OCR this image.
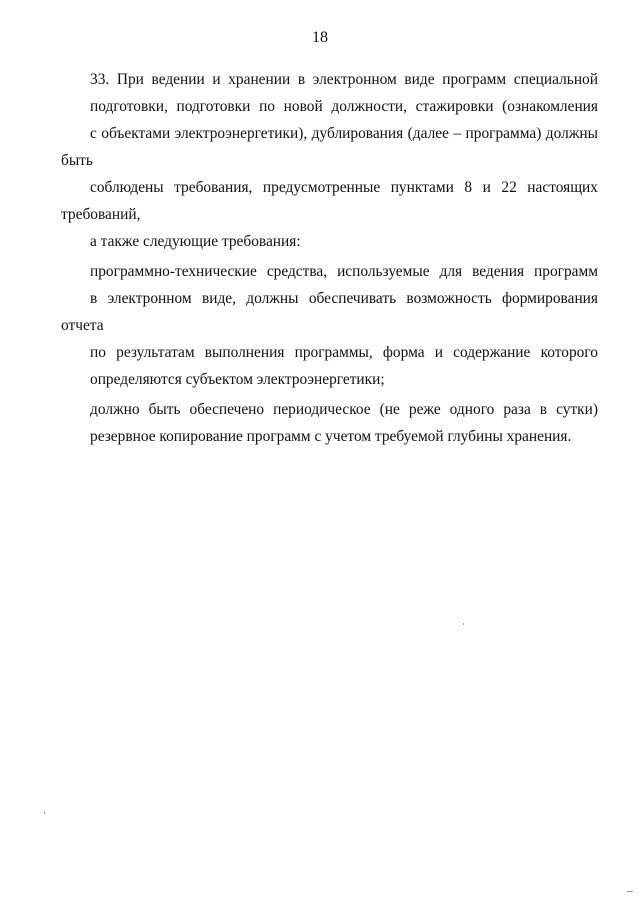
18

33. При ведении и хранении в электронном виде программ специальной
подготовки, подготовки по новой должности, стажировки (ознакомления
с объектами электроэнергетики), дублирования (далее – программа) должны быть
соблюдены требования, предусмотренные пунктами 8 и 22 настоящих требований,
а также следующие требования:

программно-технические средства, используемые для ведения программ
в электронном виде, должны обеспечивать возможность формирования отчета
по результатам выполнения программы, форма и содержание которого
определяются субъектом электроэнергетики;

должно быть обеспечено периодическое (не реже одного раза в сутки)
резервное копирование программ с учетом требуемой глубины хранения.
